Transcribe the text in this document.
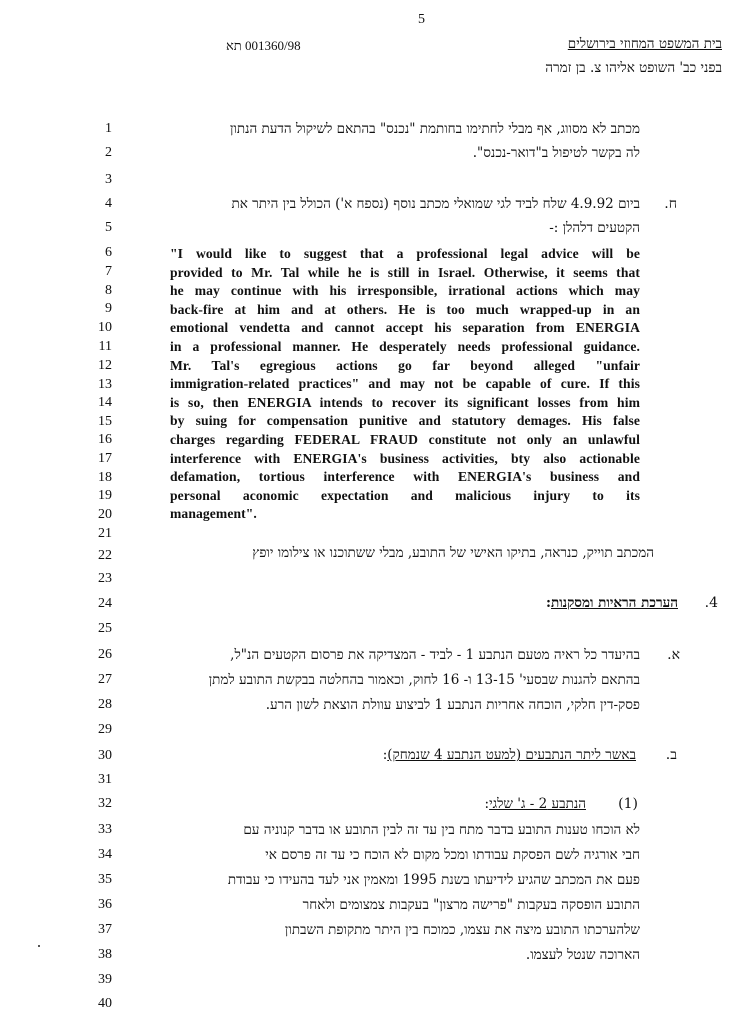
5
001360/98 תא	בית המשפט המחוזי בירושלים
בפני כב' השופט אליהו צ. בן זמרה
1
2
3
4
5
6
7
8
9
10
11
12
13
14
15
16
17
18
19
20
21
22
23
24
25
26
27
28
29
30
31
32
33
34
35
36
37
38
39
40
מכתב לא מסווג, אף מבלי לחתימו בחותמת "נכנס" בהתאם לשיקול הדעת הנתון
לה בקשר לטיפול ב"דואר-נכנס".
ח.
ביום 4.9.92 שלח לביד לגי שמואלי מכתב נוסף (נספח א') הכולל בין היתר את
הקטעים דלהלן :-
"I would like to suggest that a professional legal advice will be
provided to Mr. Tal while he is still in Israel. Otherwise, it seems that
he may continue with his irresponsible, irrational actions which may
back-fire at him and at others. He is too much wrapped-up in an
emotional vendetta and cannot accept his separation from ENERGIA
in a professional manner. He desperately needs professional guidance.
Mr. Tal's egregious actions go far beyond alleged "unfair
immigration-related practices" and may not be capable of cure. If this
is so, then ENERGIA intends to recover its significant losses from him
by suing for compensation punitive and statutory demages. His false
charges regarding FEDERAL FRAUD constitute not only an unlawful
interference with ENERGIA's business activities, bty also actionable
defamation, tortious interference with ENERGIA's business and
personal aconomic expectation and malicious injury to its
management".
המכתב תוייק, כנראה, בתיקו האישי של התובע, מבלי ששתוכנו או צילומו יופץ
4.
הערכת הראיות ומסקנות:
א.
בהיעדר כל ראיה מטעם הנתבע 1 - לביד - המצדיקה את פרסום הקטעים הנ"ל,
בהתאם להגנות שבסעי' 13-15 ו- 16 לחוק, וכאמור בהחלטה בבקשת התובע למתן
פסק-דין חלקי, הוכחה אחריות הנתבע 1 לביצוע עוולת הוצאת לשון הרע.
ב.
באשר ליתר הנתבעים (למעט הנתבע 4 שנמחק):
(1)
הנתבע 2 - ג' שלגי:
לא הוכחו טענות התובע בדבר מתח בין עד זה לבין התובע או בדבר קנוניה עם
חבי אורגיה לשם הפסקת עבודתו ומכל מקום לא הוכח כי עד זה פרסם אי
פעם את המכתב שהגיע לידיעתו בשנת 1995 ומאמין אני לעד בהעידו כי עבודת
התובע הופסקה בעקבות "פרישה מרצון" בעקבות צמצומים ולאחר
שלהערכתו התובע מיצה את עצמו, כמוכח בין היתר מתקופת השבתון
הארוכה שנטל לעצמו.
